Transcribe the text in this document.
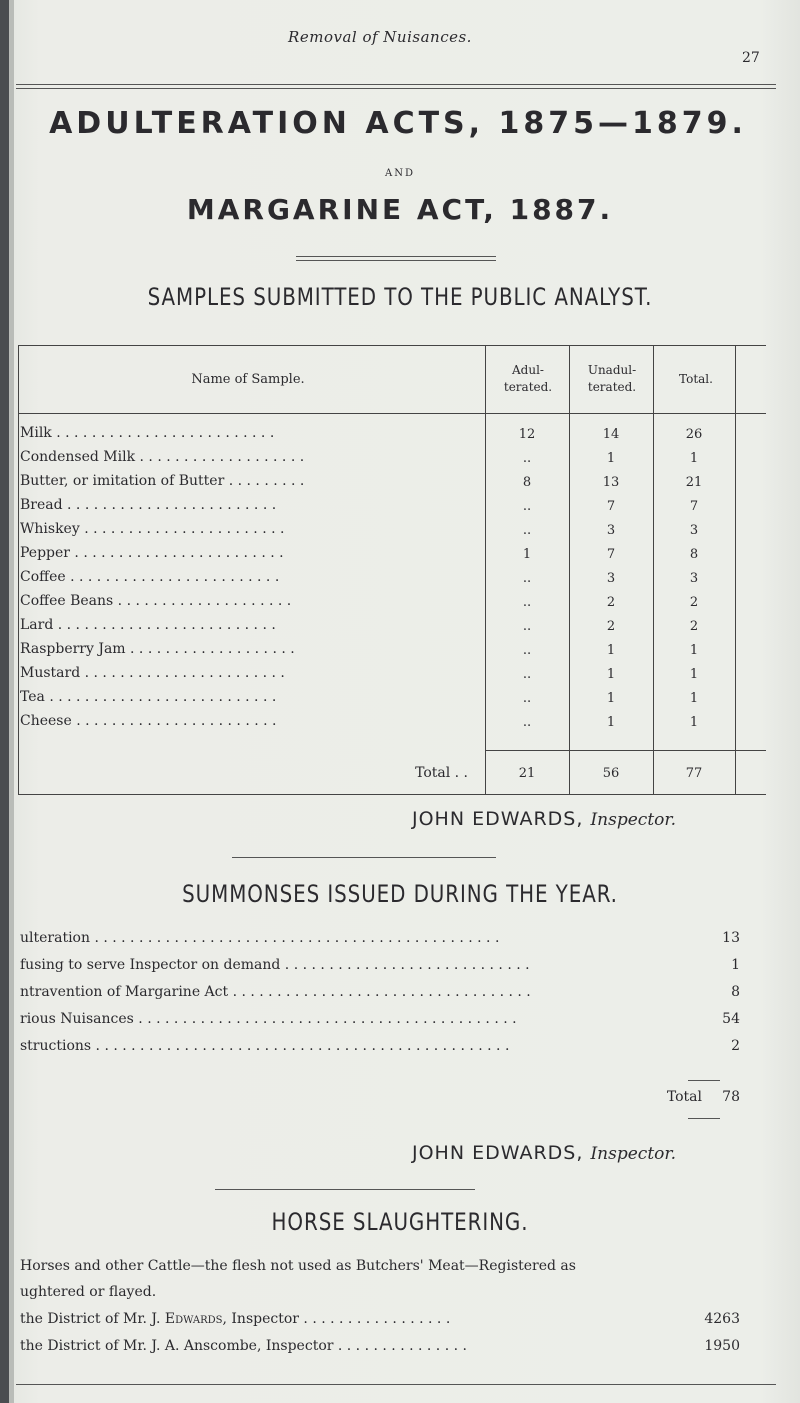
Removal of Nuisances.
27
ADULTERATION ACTS, 1875—1879.
AND
MARGARINE ACT, 1887.
SAMPLES SUBMITTED TO THE PUBLIC ANALYST.
Name of Sample.
Adul-
terated.
Unadul-
terated.
Total.
Milk . . . . . . . . . . . . . . . . . . . . . . . . .	12	14	26
Condensed Milk . . . . . . . . . . . . . . . . . . .	..	1	1
Butter, or imitation of Butter . . . . . . . . .	8	13	21
Bread . . . . . . . . . . . . . . . . . . . . . . . .	..	7	7
Whiskey . . . . . . . . . . . . . . . . . . . . . . .	..	3	3
Pepper . . . . . . . . . . . . . . . . . . . . . . . .	1	7	8
Coffee . . . . . . . . . . . . . . . . . . . . . . . .	..	3	3
Coffee Beans . . . . . . . . . . . . . . . . . . . .	..	2	2
Lard . . . . . . . . . . . . . . . . . . . . . . . . .	..	2	2
Raspberry Jam . . . . . . . . . . . . . . . . . . .	..	1	1
Mustard . . . . . . . . . . . . . . . . . . . . . . .	..	1	1
Tea . . . . . . . . . . . . . . . . . . . . . . . . . .	..	1	1
Cheese . . . . . . . . . . . . . . . . . . . . . . .	..	1	1
Total . .	21	56	77
JOHN EDWARDS, Inspector.
SUMMONSES ISSUED DURING THE YEAR.
ulteration . . . . . . . . . . . . . . . . . . . . . . . . . . . . . . . . . . . . . . . . . . . . . .	13
fusing to serve Inspector on demand . . . . . . . . . . . . . . . . . . . . . . . . . . . .	1
ntravention of Margarine Act . . . . . . . . . . . . . . . . . . . . . . . . . . . . . . . . . .	8
rious Nuisances . . . . . . . . . . . . . . . . . . . . . . . . . . . . . . . . . . . . . . . . . . .	54
structions . . . . . . . . . . . . . . . . . . . . . . . . . . . . . . . . . . . . . . . . . . . . . . .	2
Total	78
JOHN EDWARDS, Inspector.
HORSE SLAUGHTERING.
Horses and other Cattle—the flesh not used as Butchers' Meat—Registered as
ughtered or flayed.
the District of Mr. J. Edwards, Inspector . . . . . . . . . . . . . . . . .	4263
the District of Mr. J. A. Anscombe, Inspector . . . . . . . . . . . . . . .	1950
